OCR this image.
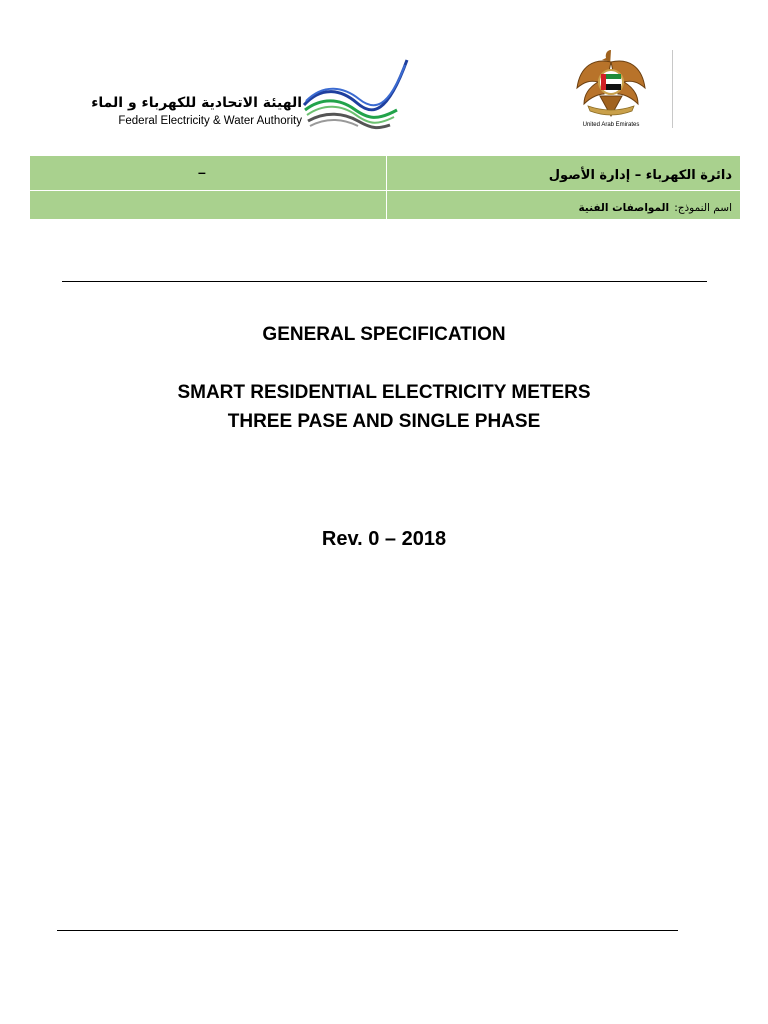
الهيئة الاتحادية للكهرباء و الماء
Federal Electricity & Water Authority	United Arab Emirates
–	دائرة الكهرباء – إدارة الأصول
	اسم النموذج: المواصفات الفنية
GENERAL SPECIFICATION
SMART RESIDENTIAL ELECTRICITY METERS
THREE PASE AND SINGLE PHASE
Rev. 0 – 2018
